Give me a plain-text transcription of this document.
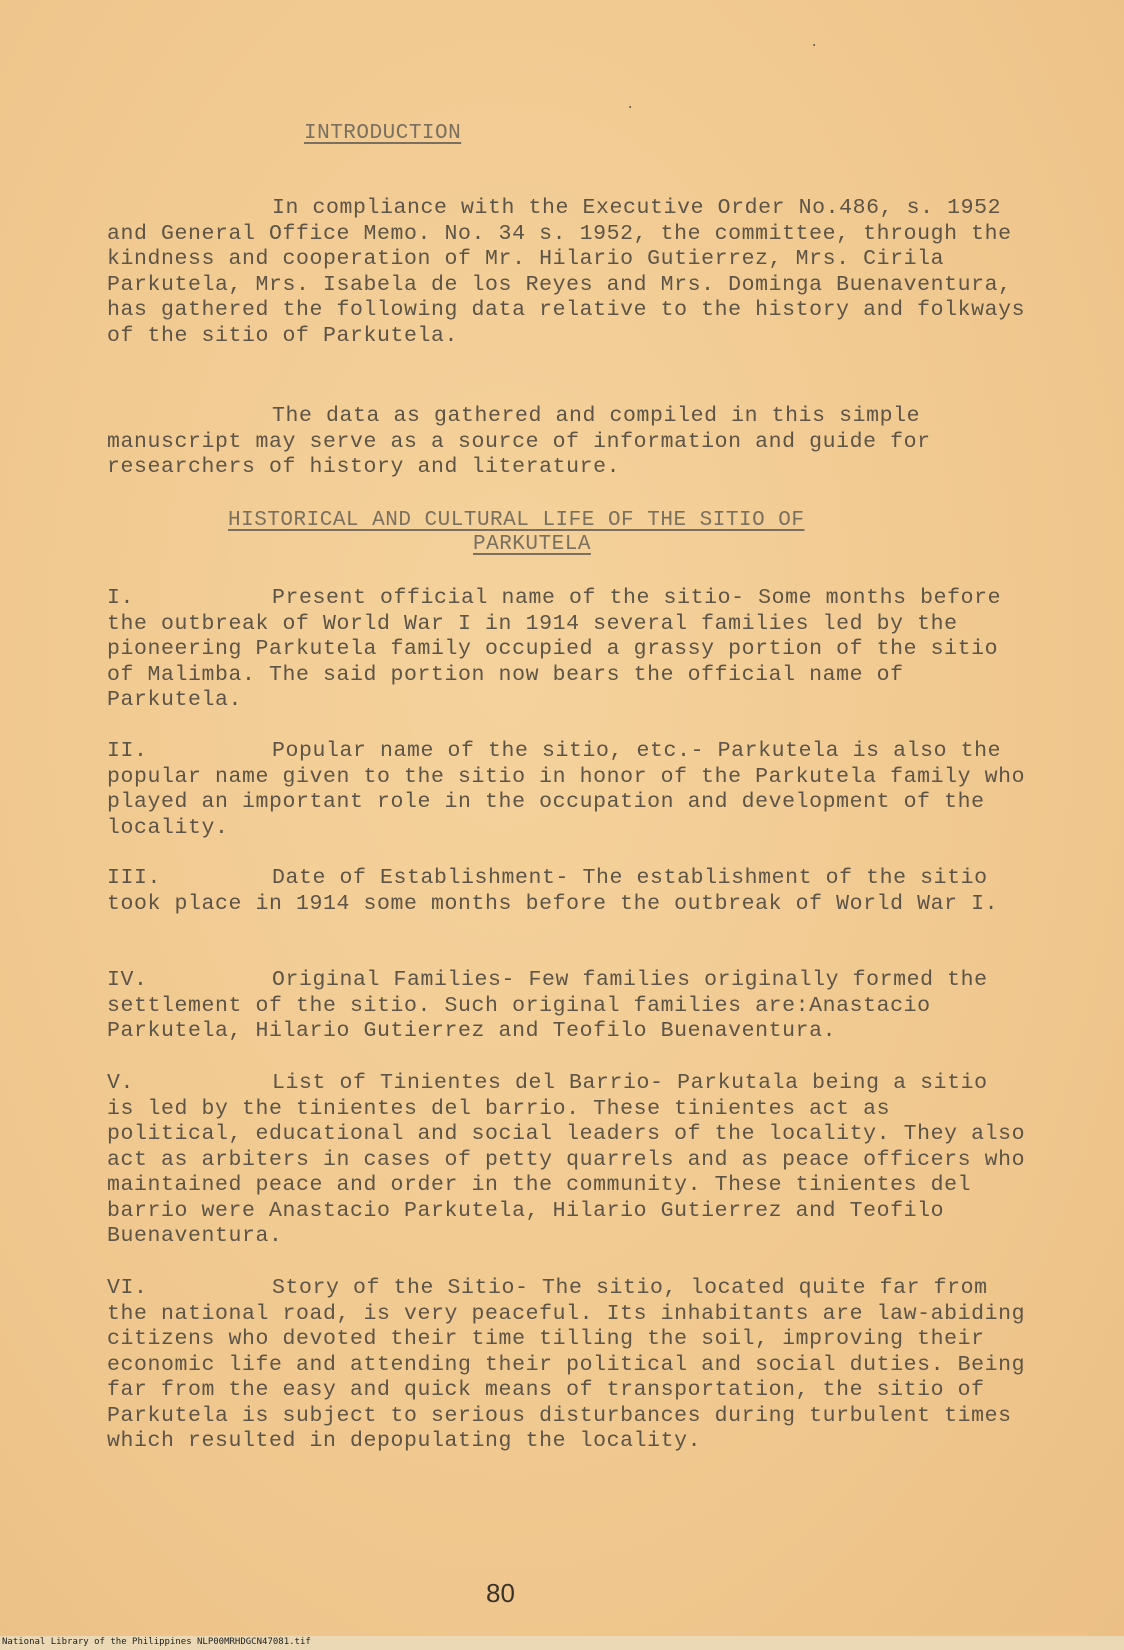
·
·
INTRODUCTION
In compliance with the Executive Order No.486, s. 1952 and General Office Memo. No. 34 s. 1952, the committee, through the kindness and cooperation of Mr. Hilario Gutierrez, Mrs. Cirila Parkutela, Mrs. Isabela de los Reyes and Mrs. Dominga Buenaventura, has gathered the following data relative to the history and folkways of the sitio of Parkutela.
The data as gathered and compiled in this simple manuscript may serve as a source of information and guide for researchers of history and literature.
HISTORICAL AND CULTURAL LIFE OF THE SITIO OF
PARKUTELA
I.	Present official name of the sitio- Some months before the outbreak of World War I in 1914 several families led by the pioneering Parkutela family occupied a grassy portion of the sitio of Malimba. The said portion now bears the official name of Parkutela.
II.	Popular name of the sitio, etc.- Parkutela is also the popular name given to the sitio in honor of the Parkutela family who played an important role in the occupation and development of the locality.
III.	Date of Establishment- The establishment of the sitio took place in 1914 some months before the outbreak of World War I.
IV.	Original Families- Few families originally formed the settlement of the sitio. Such original families are:Anastacio Parkutela, Hilario Gutierrez and Teofilo Buenaventura.
V.	List of Tinientes del Barrio- Parkutala being a sitio is led by the tinientes del barrio. These tinientes act as political, educational and social leaders of the locality. They also act as arbiters in cases of petty quarrels and as peace officers who maintained peace and order in the community. These tinientes del barrio were Anastacio Parkutela, Hilario Gutierrez and Teofilo Buenaventura.
VI.	Story of the Sitio- The sitio, located quite far from the national road, is very peaceful. Its inhabitants are law-abiding citizens who devoted their time tilling the soil, improving their economic life and attending their political and social duties. Being far from the easy and quick means of transportation, the sitio of Parkutela is subject to serious disturbances during turbulent times which resulted in depopulating the locality.
80
National Library of the Philippines NLP00MRHDGCN47081.tif
